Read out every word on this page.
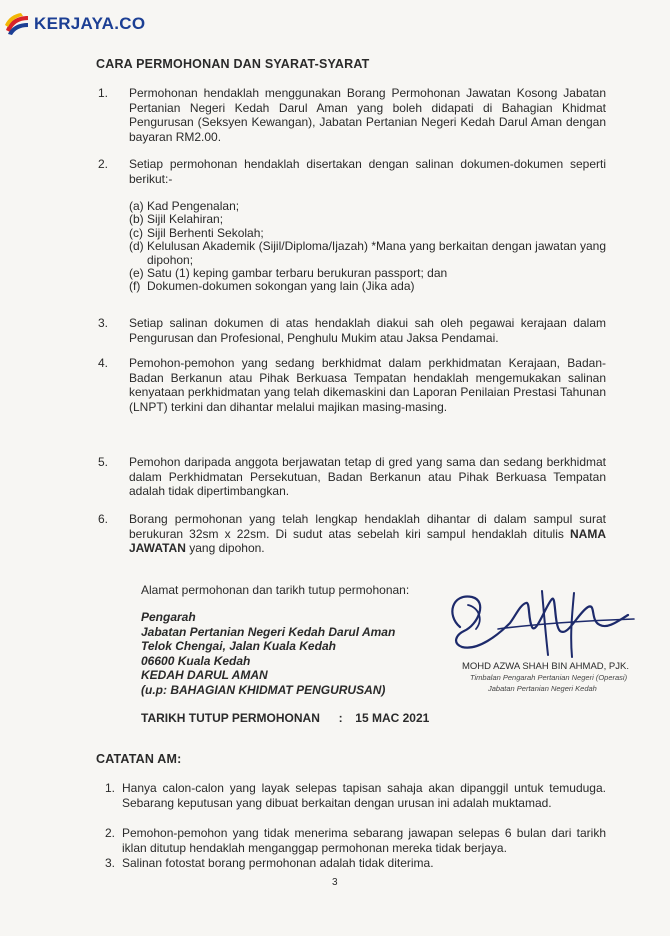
KERJAYA.CO
CARA PERMOHONAN DAN SYARAT-SYARAT
1. Permohonan hendaklah menggunakan Borang Permohonan Jawatan Kosong Jabatan Pertanian Negeri Kedah Darul Aman yang boleh didapati di Bahagian Khidmat Pengurusan (Seksyen Kewangan), Jabatan Pertanian Negeri Kedah Darul Aman dengan bayaran RM2.00.
2. Setiap permohonan hendaklah disertakan dengan salinan dokumen-dokumen seperti berikut:-
(a) Kad Pengenalan;
(b) Sijil Kelahiran;
(c) Sijil Berhenti Sekolah;
(d) Kelulusan Akademik (Sijil/Diploma/Ijazah) *Mana yang berkaitan dengan jawatan yang dipohon;
(e) Satu (1) keping gambar terbaru berukuran passport; dan
(f) Dokumen-dokumen sokongan yang lain (Jika ada)
3. Setiap salinan dokumen di atas hendaklah diakui sah oleh pegawai kerajaan dalam Pengurusan dan Profesional, Penghulu Mukim atau Jaksa Pendamai.
4. Pemohon-pemohon yang sedang berkhidmat dalam perkhidmatan Kerajaan, Badan-Badan Berkanun atau Pihak Berkuasa Tempatan hendaklah mengemukakan salinan kenyataan perkhidmatan yang telah dikemaskini dan Laporan Penilaian Prestasi Tahunan (LNPT) terkini dan dihantar melalui majikan masing-masing.
5. Pemohon daripada anggota berjawatan tetap di gred yang sama dan sedang berkhidmat dalam Perkhidmatan Persekutuan, Badan Berkanun atau Pihak Berkuasa Tempatan adalah tidak dipertimbangkan.
6. Borang permohonan yang telah lengkap hendaklah dihantar di dalam sampul surat berukuran 32sm x 22sm. Di sudut atas sebelah kiri sampul hendaklah ditulis NAMA JAWATAN yang dipohon.
Alamat permohonan dan tarikh tutup permohonan:
Pengarah
Jabatan Pertanian Negeri Kedah Darul Aman
Telok Chengai, Jalan Kuala Kedah
06600 Kuala Kedah
KEDAH DARUL AMAN
(u.p: BAHAGIAN KHIDMAT PENGURUSAN)
MOHD AZWA SHAH BIN AHMAD, PJK.
Timbalan Pengarah Pertanian Negeri (Operasi)
Jabatan Pertanian Negeri Kedah
TARIKH TUTUP PERMOHONAN : 15 MAC 2021
CATATAN AM:
1. Hanya calon-calon yang layak selepas tapisan sahaja akan dipanggil untuk temuduga. Sebarang keputusan yang dibuat berkaitan dengan urusan ini adalah muktamad.
2. Pemohon-pemohon yang tidak menerima sebarang jawapan selepas 6 bulan dari tarikh iklan ditutup hendaklah menganggap permohonan mereka tidak berjaya.
3. Salinan fotostat borang permohonan adalah tidak diterima.
3
